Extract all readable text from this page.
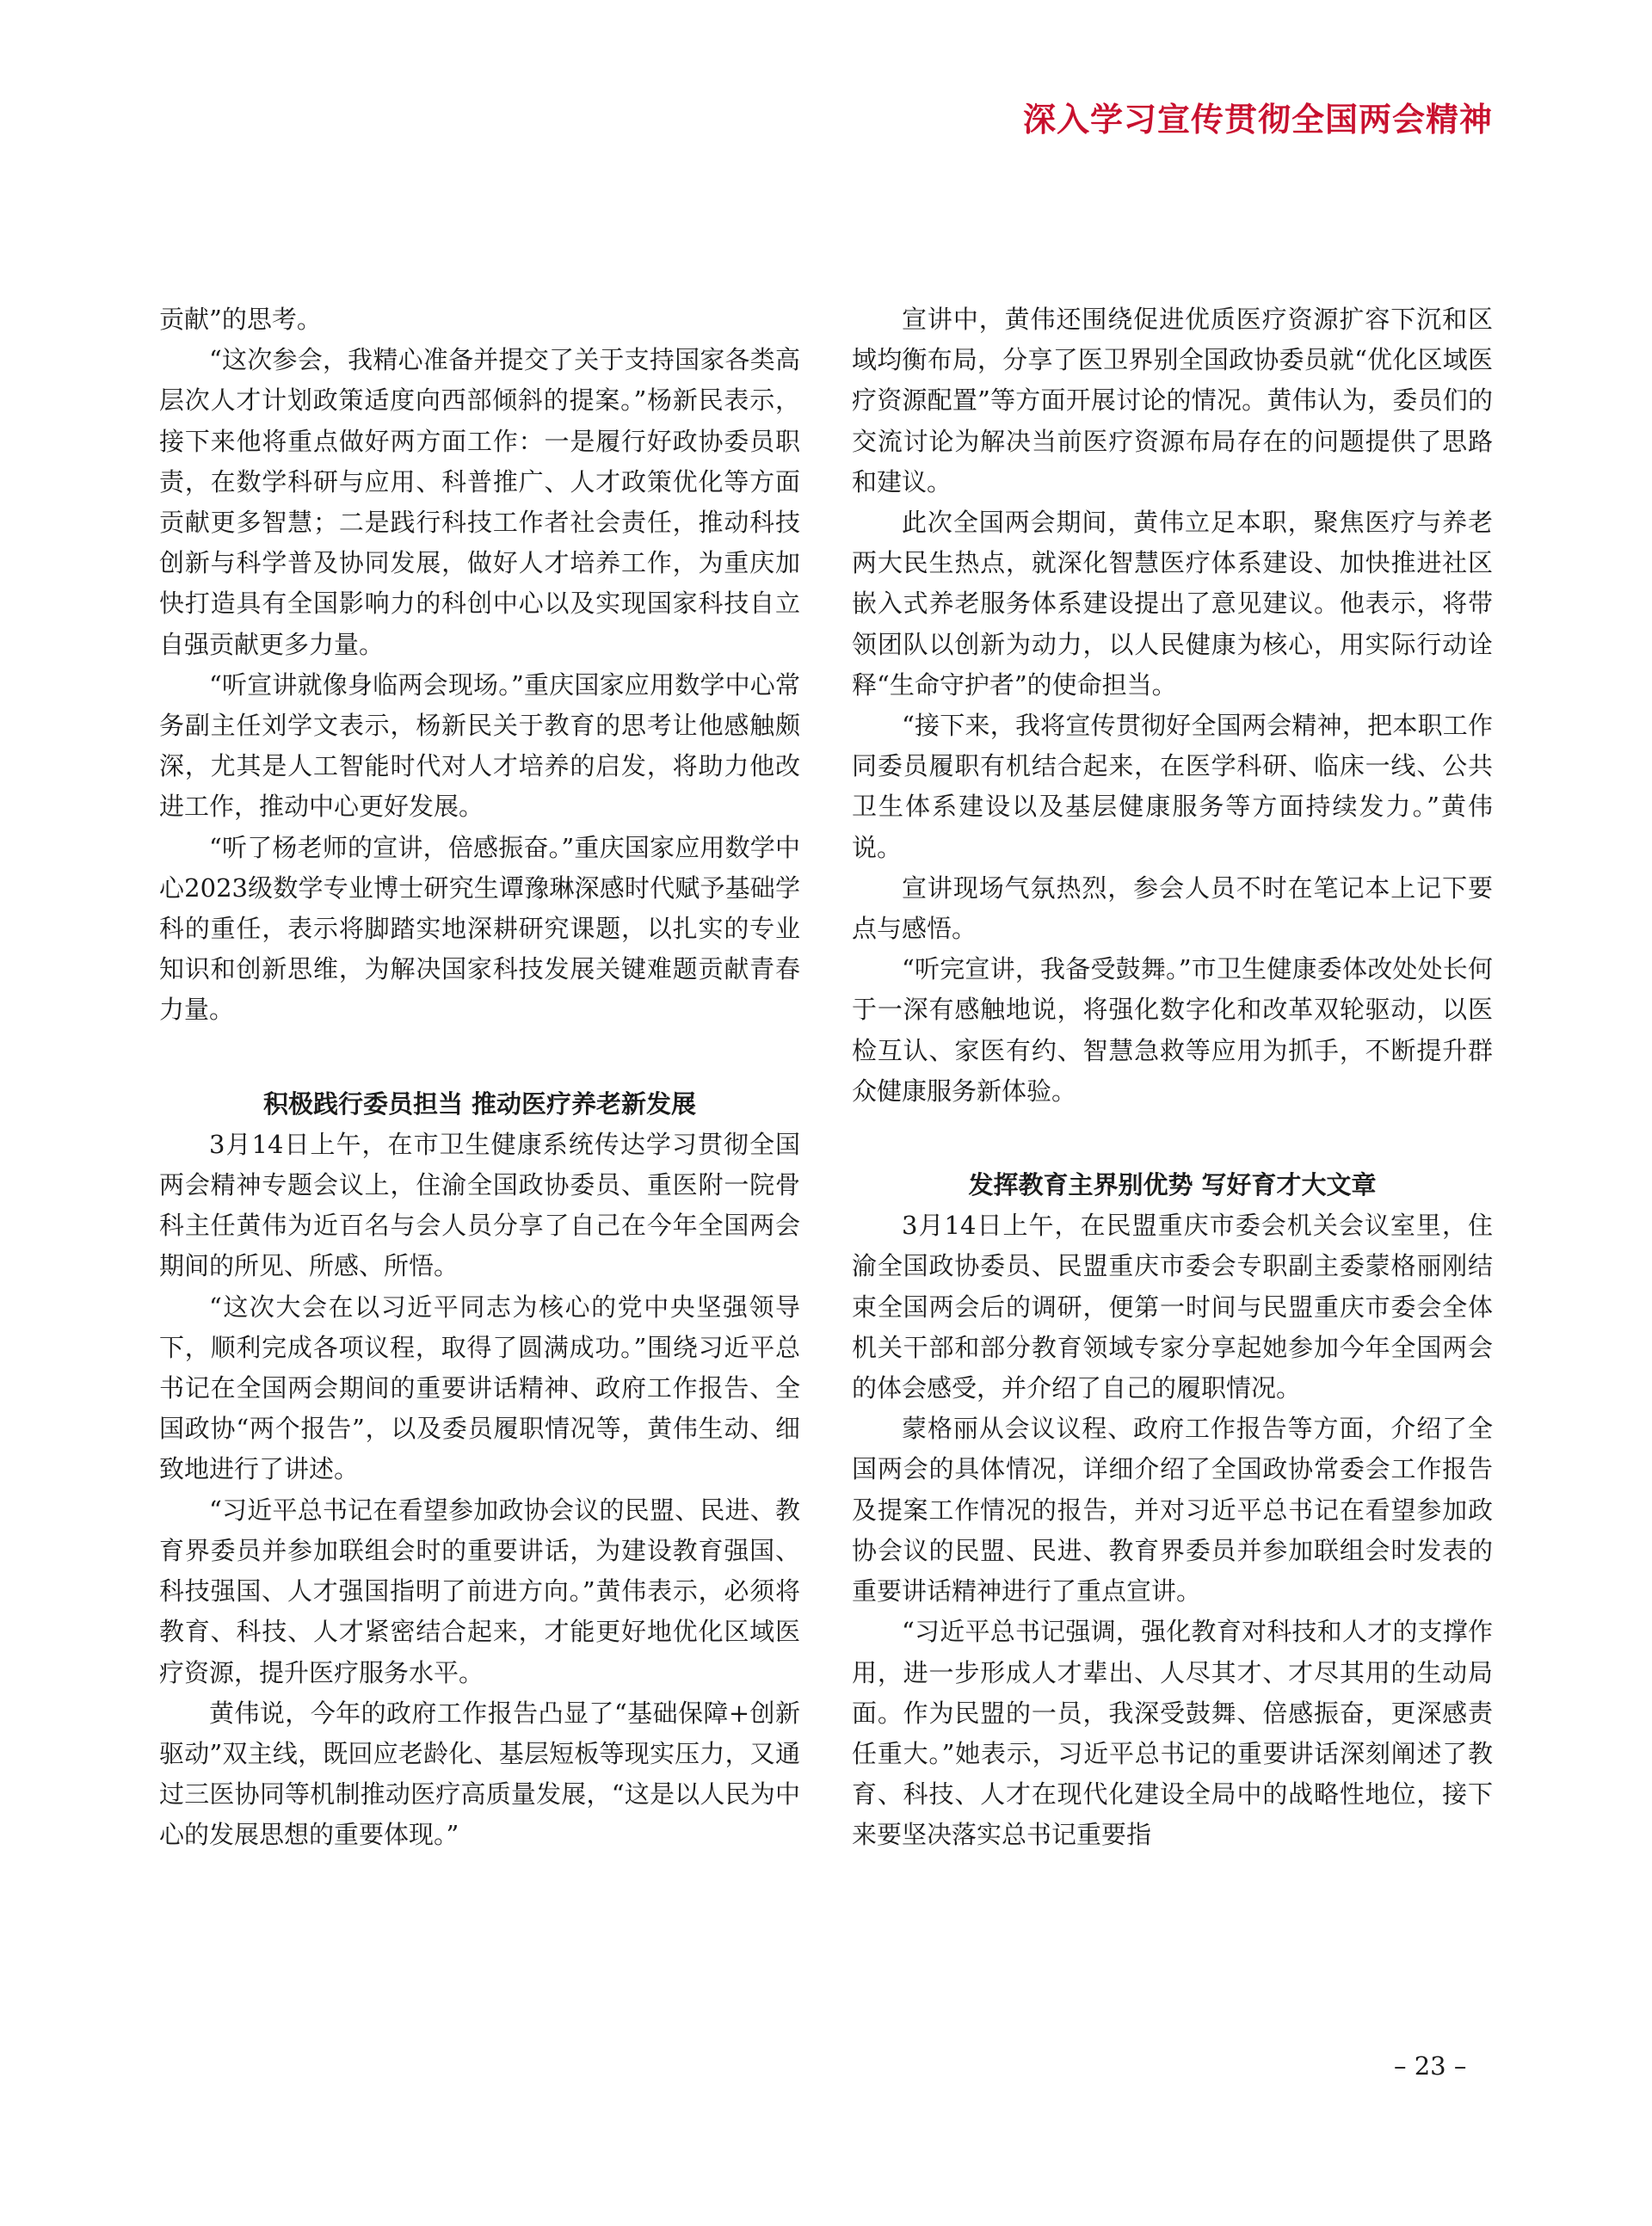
深入学习宣传贯彻全国两会精神

贡献”的思考。

“这次参会，我精心准备并提交了关于支持国家各类高层次人才计划政策适度向西部倾斜的提案。”杨新民表示，接下来他将重点做好两方面工作：一是履行好政协委员职责，在数学科研与应用、科普推广、人才政策优化等方面贡献更多智慧；二是践行科技工作者社会责任，推动科技创新与科学普及协同发展，做好人才培养工作，为重庆加快打造具有全国影响力的科创中心以及实现国家科技自立自强贡献更多力量。

“听宣讲就像身临两会现场。”重庆国家应用数学中心常务副主任刘学文表示，杨新民关于教育的思考让他感触颇深，尤其是人工智能时代对人才培养的启发，将助力他改进工作，推动中心更好发展。

“听了杨老师的宣讲，倍感振奋。”重庆国家应用数学中心2023级数学专业博士研究生谭豫琳深感时代赋予基础学科的重任，表示将脚踏实地深耕研究课题，以扎实的专业知识和创新思维，为解决国家科技发展关键难题贡献青春力量。

积极践行委员担当 推动医疗养老新发展

3月14日上午，在市卫生健康系统传达学习贯彻全国两会精神专题会议上，住渝全国政协委员、重医附一院骨科主任黄伟为近百名与会人员分享了自己在今年全国两会期间的所见、所感、所悟。

“这次大会在以习近平同志为核心的党中央坚强领导下，顺利完成各项议程，取得了圆满成功。”围绕习近平总书记在全国两会期间的重要讲话精神、政府工作报告、全国政协“两个报告”，以及委员履职情况等，黄伟生动、细致地进行了讲述。

“习近平总书记在看望参加政协会议的民盟、民进、教育界委员并参加联组会时的重要讲话，为建设教育强国、科技强国、人才强国指明了前进方向。”黄伟表示，必须将教育、科技、人才紧密结合起来，才能更好地优化区域医疗资源，提升医疗服务水平。

黄伟说，今年的政府工作报告凸显了“基础保障+创新驱动”双主线，既回应老龄化、基层短板等现实压力，又通过三医协同等机制推动医疗高质量发展，“这是以人民为中心的发展思想的重要体现。”

宣讲中，黄伟还围绕促进优质医疗资源扩容下沉和区域均衡布局，分享了医卫界别全国政协委员就“优化区域医疗资源配置”等方面开展讨论的情况。黄伟认为，委员们的交流讨论为解决当前医疗资源布局存在的问题提供了思路和建议。

此次全国两会期间，黄伟立足本职，聚焦医疗与养老两大民生热点，就深化智慧医疗体系建设、加快推进社区嵌入式养老服务体系建设提出了意见建议。他表示，将带领团队以创新为动力，以人民健康为核心，用实际行动诠释“生命守护者”的使命担当。

“接下来，我将宣传贯彻好全国两会精神，把本职工作同委员履职有机结合起来，在医学科研、临床一线、公共卫生体系建设以及基层健康服务等方面持续发力。”黄伟说。

宣讲现场气氛热烈，参会人员不时在笔记本上记下要点与感悟。

“听完宣讲，我备受鼓舞。”市卫生健康委体改处处长何于一深有感触地说，将强化数字化和改革双轮驱动，以医检互认、家医有约、智慧急救等应用为抓手，不断提升群众健康服务新体验。

发挥教育主界别优势 写好育才大文章

3月14日上午，在民盟重庆市委会机关会议室里，住渝全国政协委员、民盟重庆市委会专职副主委蒙格丽刚结束全国两会后的调研，便第一时间与民盟重庆市委会全体机关干部和部分教育领域专家分享起她参加今年全国两会的体会感受，并介绍了自己的履职情况。

蒙格丽从会议议程、政府工作报告等方面，介绍了全国两会的具体情况，详细介绍了全国政协常委会工作报告及提案工作情况的报告，并对习近平总书记在看望参加政协会议的民盟、民进、教育界委员并参加联组会时发表的重要讲话精神进行了重点宣讲。

“习近平总书记强调，强化教育对科技和人才的支撑作用，进一步形成人才辈出、人尽其才、才尽其用的生动局面。作为民盟的一员，我深受鼓舞、倍感振奋，更深感责任重大。”她表示，习近平总书记的重要讲话深刻阐述了教育、科技、人才在现代化建设全局中的战略性地位，接下来要坚决落实总书记重要指

– 23 –
